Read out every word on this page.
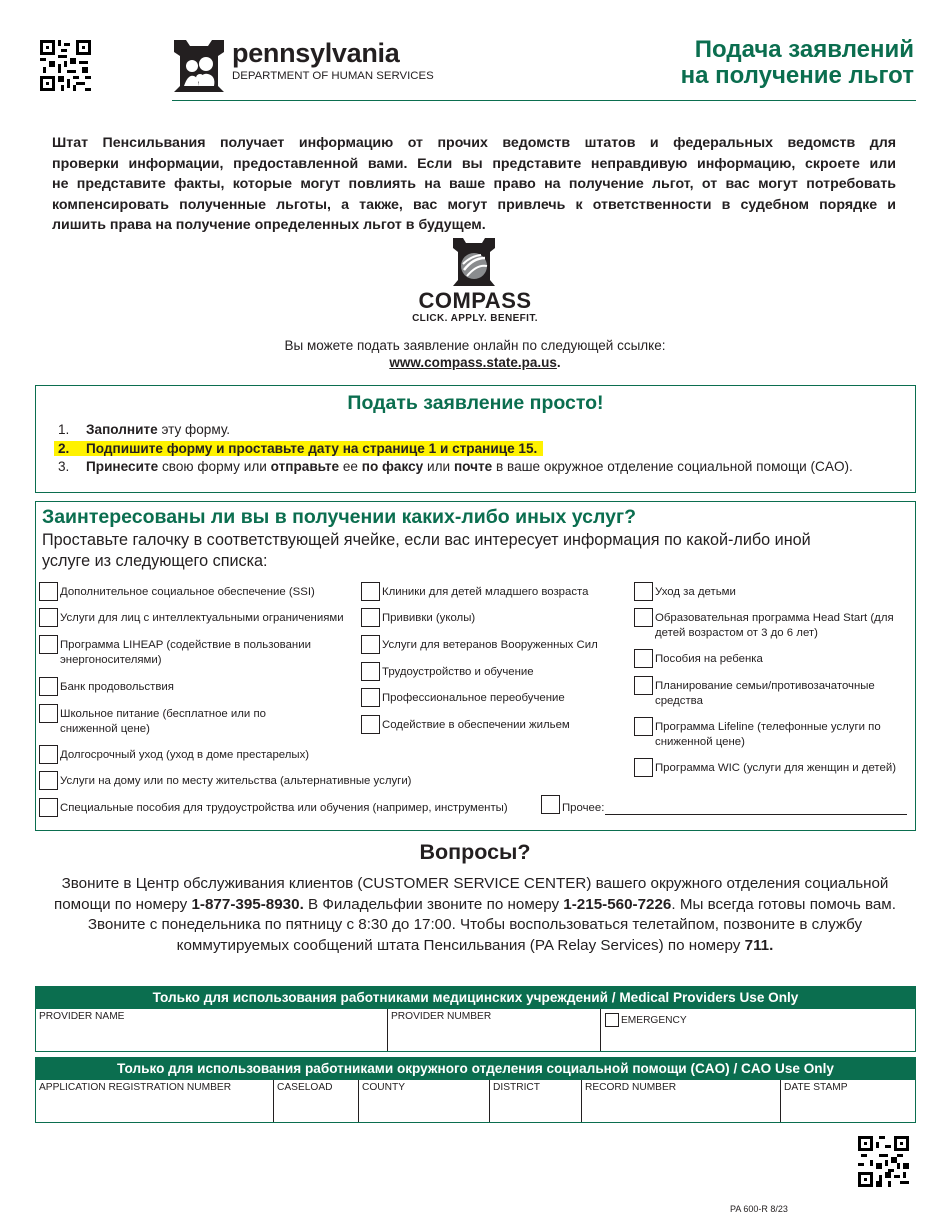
pennsylvania
DEPARTMENT OF HUMAN SERVICES
Подача заявлений
на получение льгот
Штат Пенсильвания получает информацию от прочих ведомств штатов и федеральных ведомств для
проверки информации, предоставленной вами. Если вы представите неправдивую информацию, скроете или
не представите факты, которые могут повлиять на ваше право на получение льгот, от вас могут потребовать
компенсировать полученные льготы, а также, вас могут привлечь к ответственности в судебном порядке и
лишить права на получение определенных льгот в будущем.
COMPASS
CLICK. APPLY. BENEFIT.
Вы можете подать заявление онлайн по следующей ссылке:
www.compass.state.pa.us.
Подать заявление просто!
1. Заполните эту форму.
2. Подпишите форму и проставьте дату на странице 1 и странице 15.
3. Принесите свою форму или отправьте ее по факсу или почте в ваше окружное отделение социальной помощи (CAO).
Заинтересованы ли вы в получении каких-либо иных услуг?
Проставьте галочку в соответствующей ячейке, если вас интересует информация по какой-либо иной услуге из следующего списка:
Дополнительное социальное обеспечение (SSI)
Услуги для лиц с интеллектуальными ограничениями
Программа LIHEAP (содействие в пользовании энергоносителями)
Банк продовольствия
Школьное питание (бесплатное или по сниженной цене)
Долгосрочный уход (уход в доме престарелых)
Услуги на дому или по месту жительства (альтернативные услуги)
Специальные пособия для трудоустройства или обучения (например, инструменты)
Клиники для детей младшего возраста
Прививки (уколы)
Услуги для ветеранов Вооруженных Сил
Трудоустройство и обучение
Профессиональное переобучение
Содействие в обеспечении жильем
Уход за детьми
Образовательная программа Head Start (для детей возрастом от 3 до 6 лет)
Пособия на ребенка
Планирование семьи/противозачаточные средства
Программа Lifeline (телефонные услуги по сниженной цене)
Программа WIC (услуги для женщин и детей)
Прочее:
Вопросы?
Звоните в Центр обслуживания клиентов (CUSTOMER SERVICE CENTER) вашего окружного отделения социальной помощи по номеру 1-877-395-8930. В Филадельфии звоните по номеру 1-215-560-7226. Мы всегда готовы помочь вам. Звоните с понедельника по пятницу с 8:30 до 17:00. Чтобы воспользоваться телетайпом, позвоните в службу коммутируемых сообщений штата Пенсильвания (PA Relay Services) по номеру 711.
Только для использования работниками медицинских учреждений / Medical Providers Use Only
PROVIDER NAME	PROVIDER NUMBER	EMERGENCY
Только для использования работниками окружного отделения социальной помощи (CAO) / CAO Use Only
APPLICATION REGISTRATION NUMBER	CASELOAD	COUNTY	DISTRICT	RECORD NUMBER	DATE STAMP
PA 600-R 8/23
